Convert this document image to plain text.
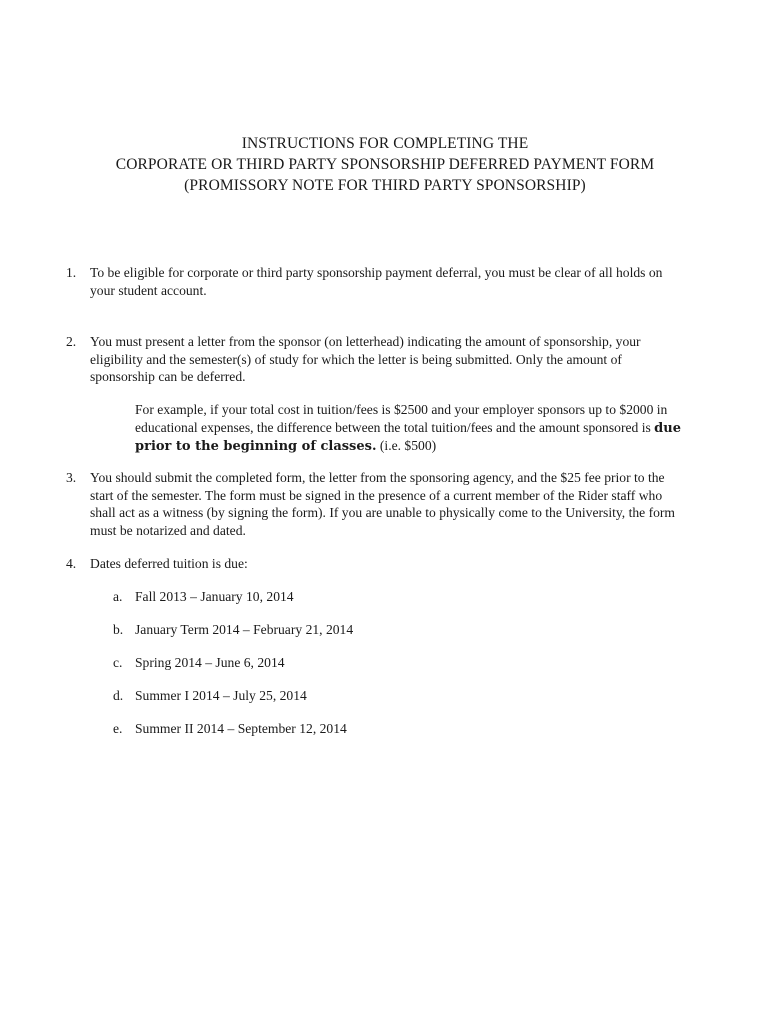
INSTRUCTIONS FOR COMPLETING THE
CORPORATE OR THIRD PARTY SPONSORSHIP DEFERRED PAYMENT FORM
(PROMISSORY NOTE FOR THIRD PARTY SPONSORSHIP)
1.	To be eligible for corporate or third party sponsorship payment deferral, you must be clear of all holds on
your student account.
2.	You must present a letter from the sponsor (on letterhead) indicating the amount of sponsorship, your
eligibility and the semester(s) of study for which the letter is being submitted. Only the amount of
sponsorship can be deferred.
3.	You should submit the completed form, the letter from the sponsoring agency, and the $25 fee prior to the
start of the semester. The form must be signed in the presence of a current member of the Rider staff who
shall act as a witness (by signing the form). If you are unable to physically come to the University, the form
must be notarized and dated.
4.	Dates deferred tuition is due:
For example, if your total cost in tuition/fees is $2500 and your employer sponsors up to $2000 in
educational expenses, the difference between the total tuition/fees and the amount sponsored is due
prior to the beginning of classes. (i.e. $500)
a. Fall 2013 – January 10, 2014
b. January Term 2014 – February 21, 2014
c. Spring 2014 – June 6, 2014
d. Summer I 2014 – July 25, 2014
e. Summer II 2014 – September 12, 2014
